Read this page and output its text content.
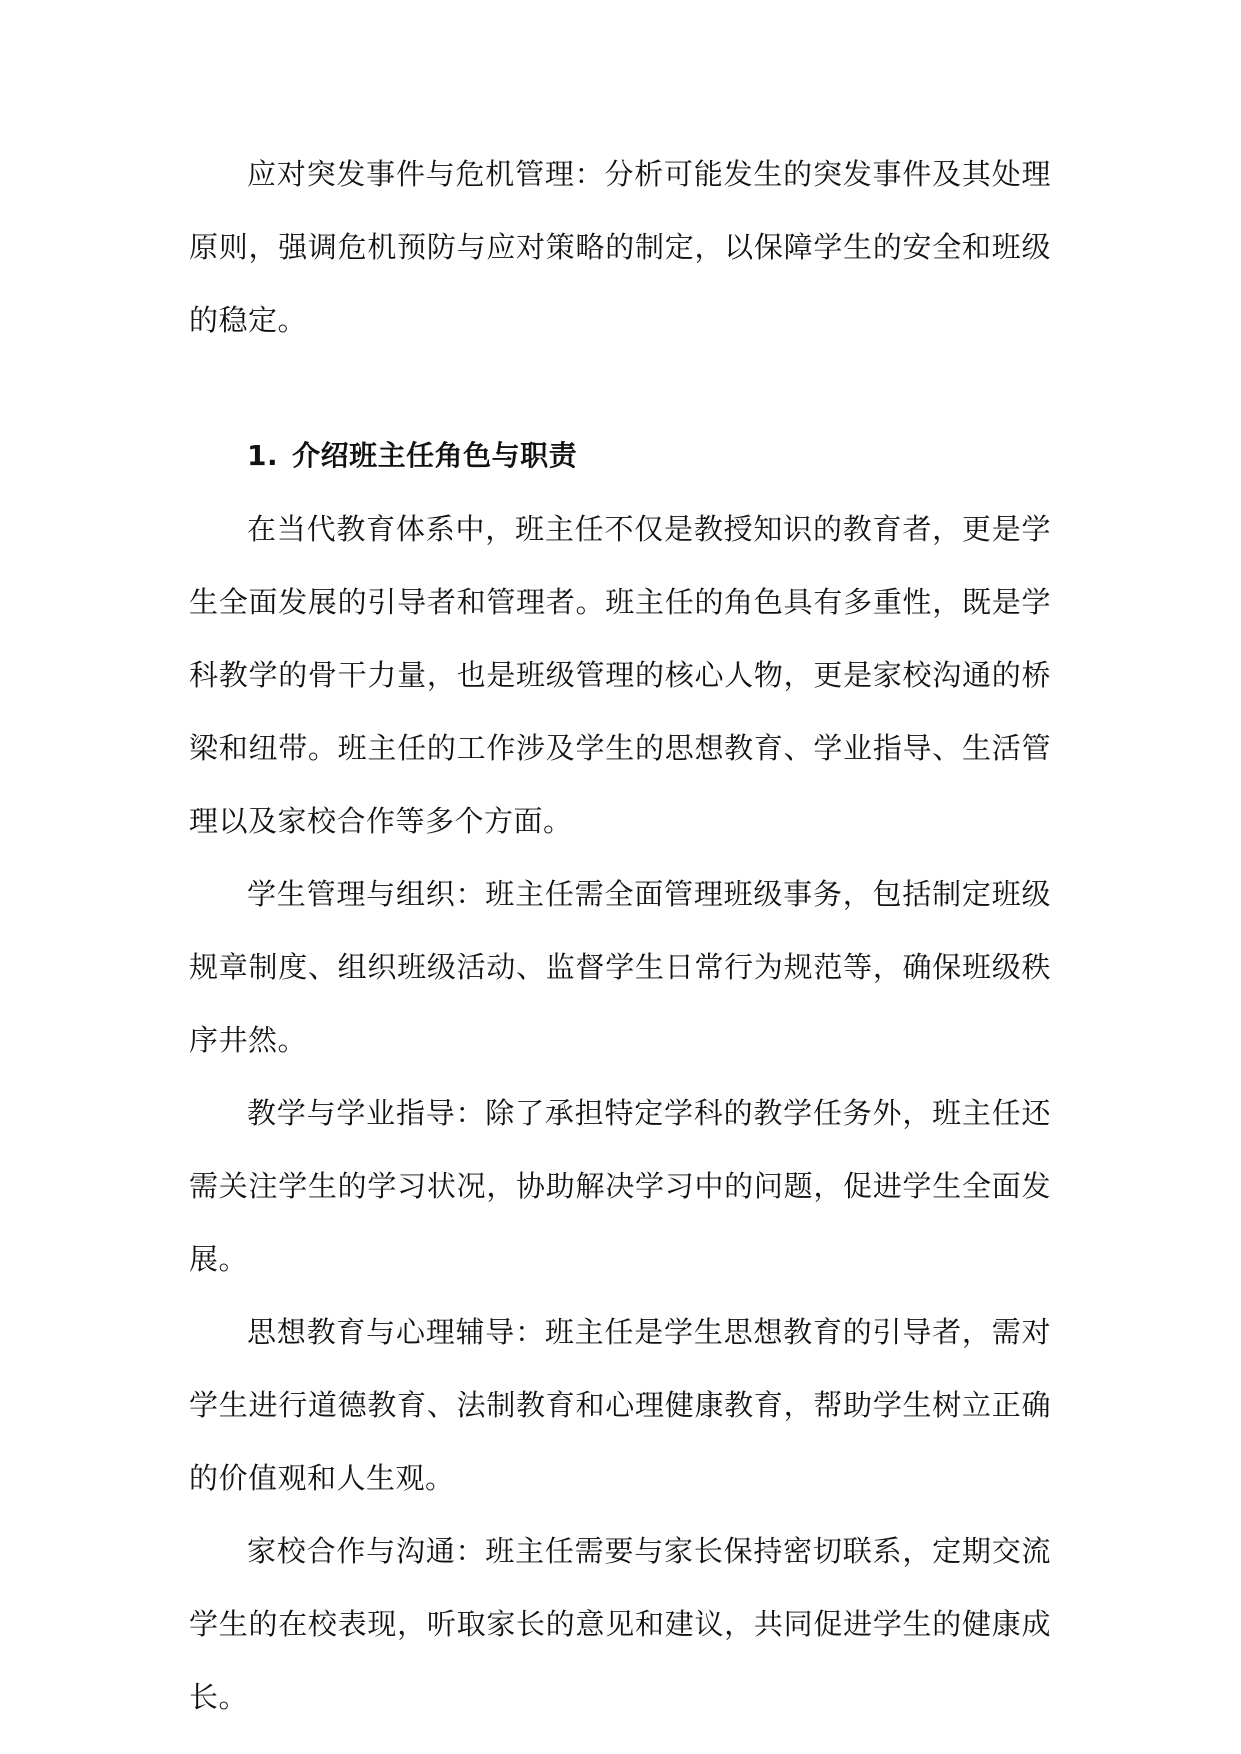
应对突发事件与危机管理：分析可能发生的突发事件及其处理原则，强调危机预防与应对策略的制定，以保障学生的安全和班级的稳定。

1. 介绍班主任角色与职责

在当代教育体系中，班主任不仅是教授知识的教育者，更是学生全面发展的引导者和管理者。班主任的角色具有多重性，既是学科教学的骨干力量，也是班级管理的核心人物，更是家校沟通的桥梁和纽带。班主任的工作涉及学生的思想教育、学业指导、生活管理以及家校合作等多个方面。

学生管理与组织：班主任需全面管理班级事务，包括制定班级规章制度、组织班级活动、监督学生日常行为规范等，确保班级秩序井然。

教学与学业指导：除了承担特定学科的教学任务外，班主任还需关注学生的学习状况，协助解决学习中的问题，促进学生全面发展。

思想教育与心理辅导：班主任是学生思想教育的引导者，需对学生进行道德教育、法制教育和心理健康教育，帮助学生树立正确的价值观和人生观。

家校合作与沟通：班主任需要与家长保持密切联系，定期交流学生的在校表现，听取家长的意见和建议，共同促进学生的健康成长。
